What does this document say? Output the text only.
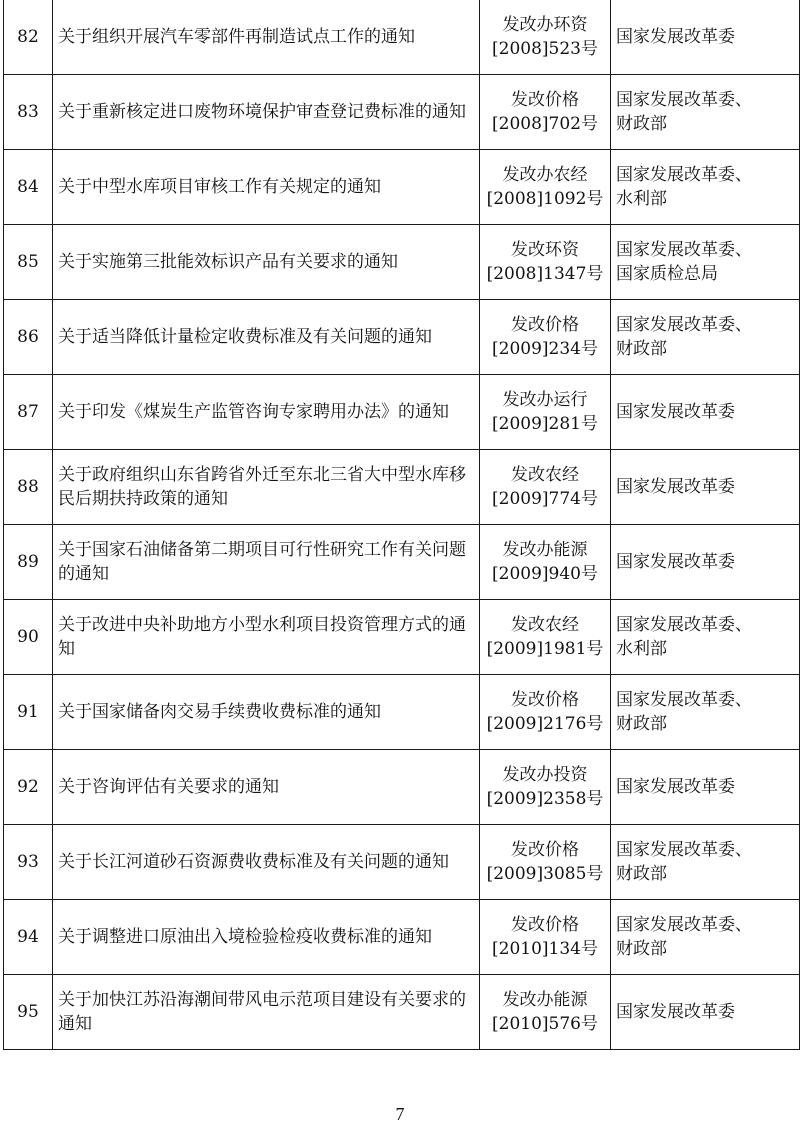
82	关于组织开展汽车零部件再制造试点工作的通知	发改办环资
[2008]523号	国家发展改革委

83	关于重新核定进口废物环境保护审查登记费标准的通知	发改价格
[2008]702号	国家发展改革委、
财政部

84	关于中型水库项目审核工作有关规定的通知	发改办农经
[2008]1092号	国家发展改革委、
水利部

85	关于实施第三批能效标识产品有关要求的通知	发改环资
[2008]1347号	国家发展改革委、
国家质检总局

86	关于适当降低计量检定收费标准及有关问题的通知	发改价格
[2009]234号	国家发展改革委、
财政部

87	关于印发《煤炭生产监管咨询专家聘用办法》的通知	发改办运行
[2009]281号	国家发展改革委

88	关于政府组织山东省跨省外迁至东北三省大中型水库移民后期扶持政策的通知	发改农经
[2009]774号	国家发展改革委

89	关于国家石油储备第二期项目可行性研究工作有关问题的通知	发改办能源
[2009]940号	国家发展改革委

90	关于改进中央补助地方小型水利项目投资管理方式的通知	发改农经
[2009]1981号	国家发展改革委、
水利部

91	关于国家储备肉交易手续费收费标准的通知	发改价格
[2009]2176号	国家发展改革委、
财政部

92	关于咨询评估有关要求的通知	发改办投资
[2009]2358号	国家发展改革委

93	关于长江河道砂石资源费收费标准及有关问题的通知	发改价格
[2009]3085号	国家发展改革委、
财政部

94	关于调整进口原油出入境检验检疫收费标准的通知	发改价格
[2010]134号	国家发展改革委、
财政部

95	关于加快江苏沿海潮间带风电示范项目建设有关要求的通知	发改办能源
[2010]576号	国家发展改革委
7
